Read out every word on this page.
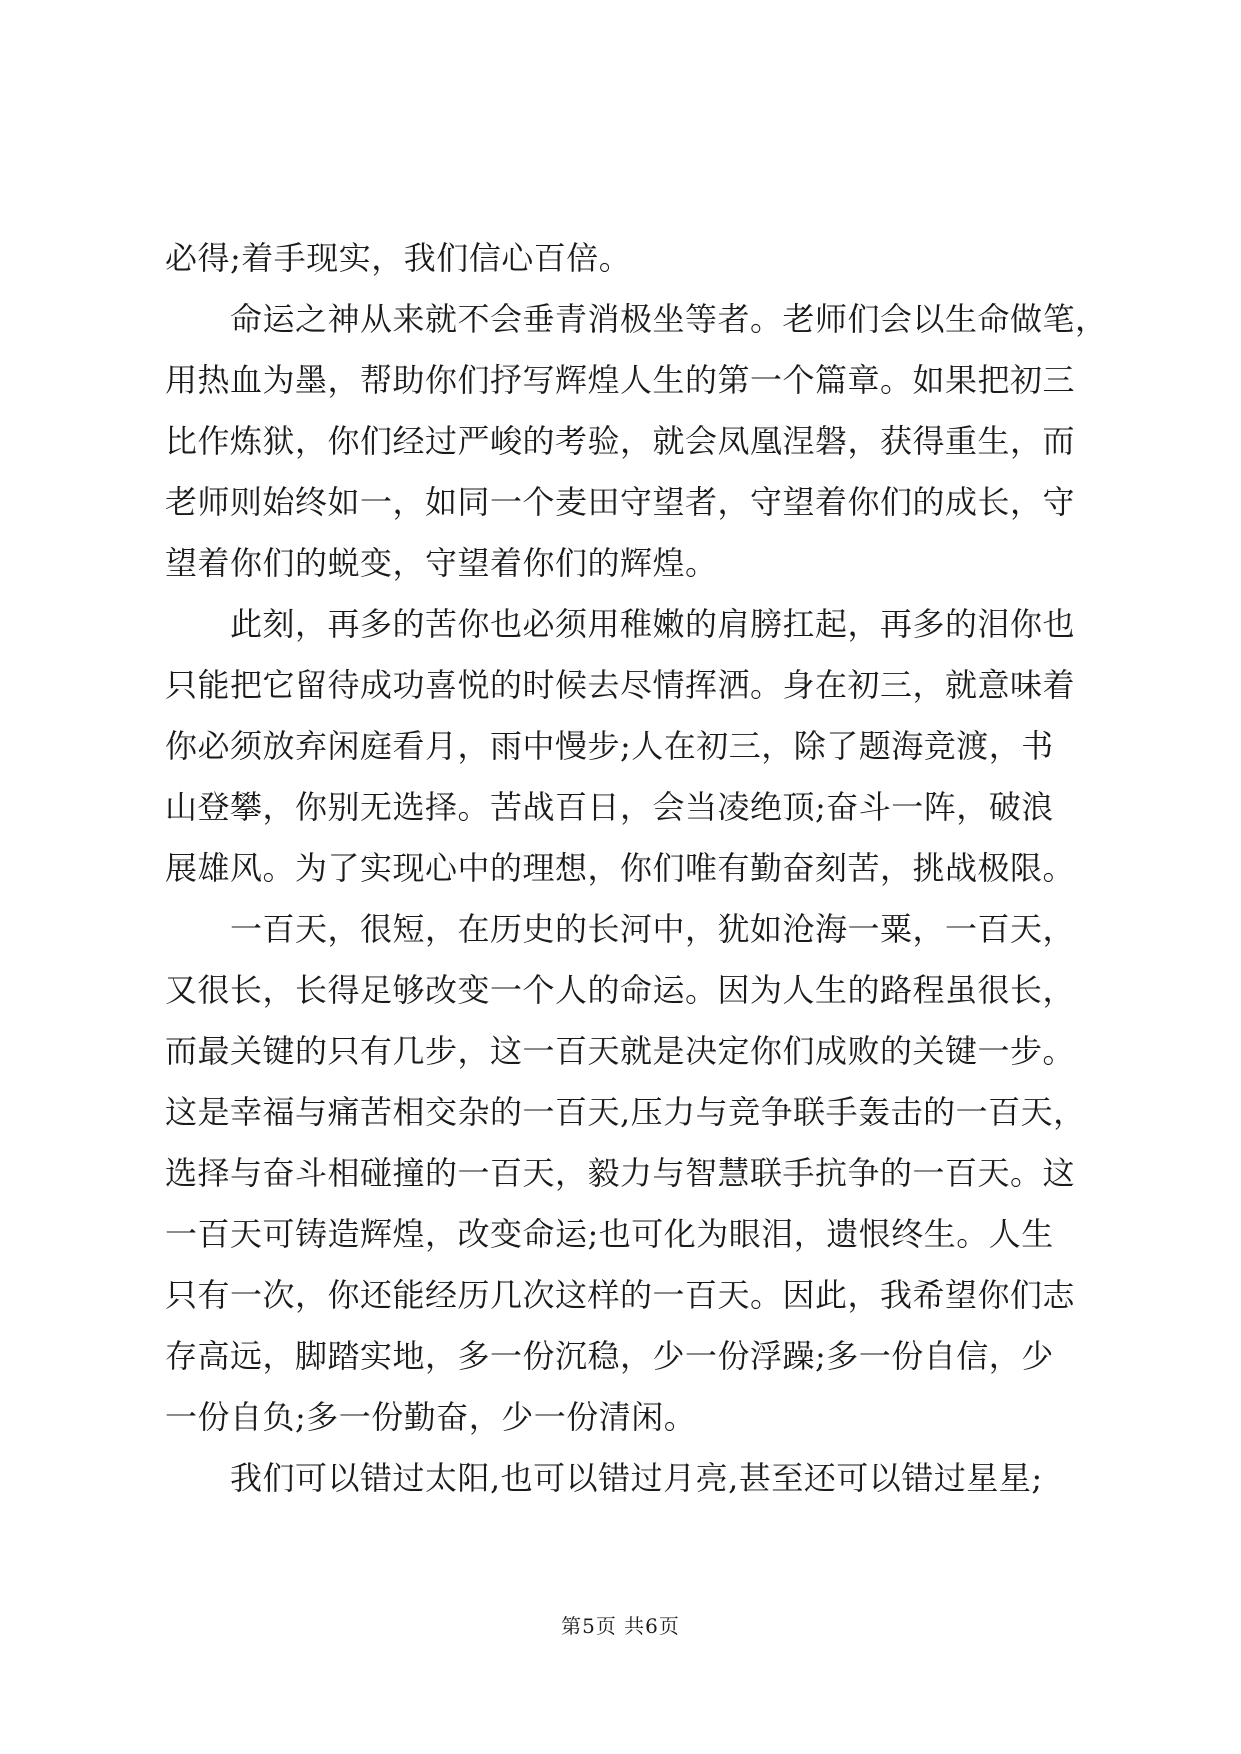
必得;着手现实，我们信心百倍。
　　命运之神从来就不会垂青消极坐等者。老师们会以生命做笔，
用热血为墨，帮助你们抒写辉煌人生的第一个篇章。如果把初三
比作炼狱，你们经过严峻的考验，就会凤凰涅磐，获得重生，而
老师则始终如一，如同一个麦田守望者，守望着你们的成长，守
望着你们的蜕变，守望着你们的辉煌。
　　此刻，再多的苦你也必须用稚嫩的肩膀扛起，再多的泪你也
只能把它留待成功喜悦的时候去尽情挥洒。身在初三，就意味着
你必须放弃闲庭看月，雨中慢步;人在初三，除了题海竞渡，书
山登攀，你别无选择。苦战百日，会当凌绝顶;奋斗一阵，破浪
展雄风。为了实现心中的理想，你们唯有勤奋刻苦，挑战极限。
　　一百天，很短，在历史的长河中，犹如沧海一粟，一百天，
又很长，长得足够改变一个人的命运。因为人生的路程虽很长，
而最关键的只有几步，这一百天就是决定你们成败的关键一步。
这是幸福与痛苦相交杂的一百天,压力与竞争联手轰击的一百天，
选择与奋斗相碰撞的一百天，毅力与智慧联手抗争的一百天。这
一百天可铸造辉煌，改变命运;也可化为眼泪，遗恨终生。人生
只有一次，你还能经历几次这样的一百天。因此，我希望你们志
存高远，脚踏实地，多一份沉稳，少一份浮躁;多一份自信，少
一份自负;多一份勤奋，少一份清闲。
　　我们可以错过太阳,也可以错过月亮,甚至还可以错过星星;
第5页 共6页
